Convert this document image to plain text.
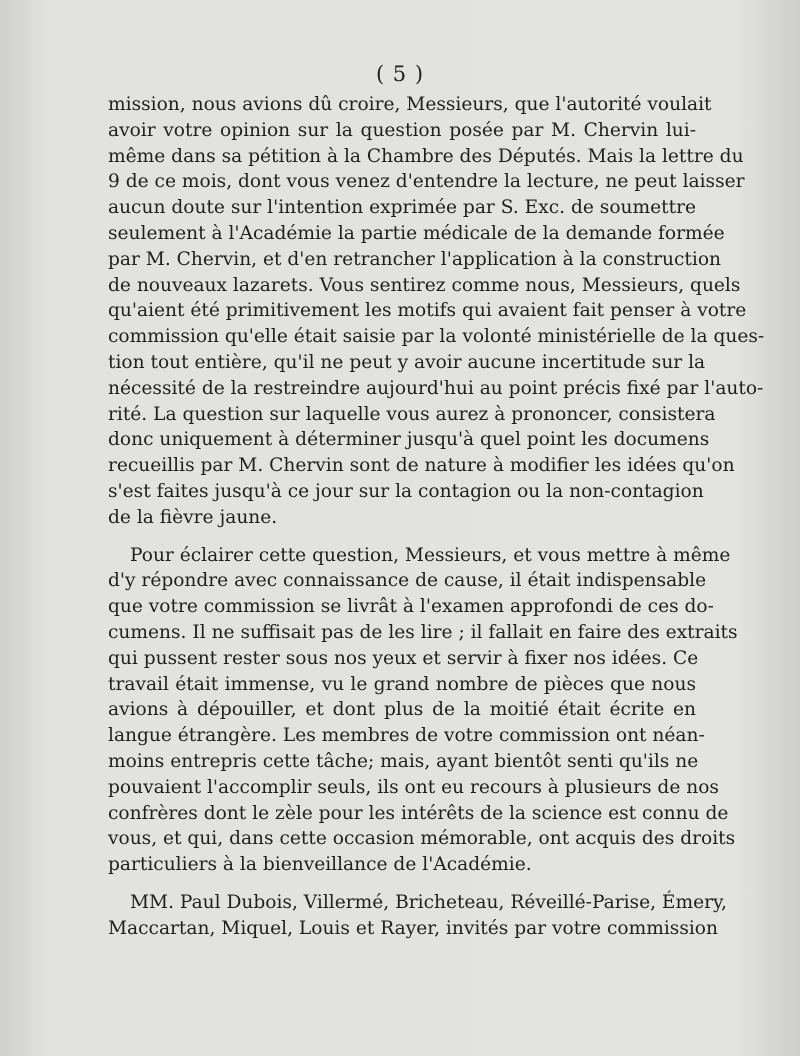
( 5 )
mission, nous avions dû croire, Messieurs, que l'autorité voulait
avoir votre opinion sur la question posée par M. Chervin lui-
même dans sa pétition à la Chambre des Députés. Mais la lettre du
9 de ce mois, dont vous venez d'entendre la lecture, ne peut laisser
aucun doute sur l'intention exprimée par S. Exc. de soumettre
seulement à l'Académie la partie médicale de la demande formée
par M. Chervin, et d'en retrancher l'application à la construction
de nouveaux lazarets. Vous sentirez comme nous, Messieurs, quels
qu'aient été primitivement les motifs qui avaient fait penser à votre
commission qu'elle était saisie par la volonté ministérielle de la ques-
tion tout entière, qu'il ne peut y avoir aucune incertitude sur la
nécessité de la restreindre aujourd'hui au point précis fixé par l'auto-
rité. La question sur laquelle vous aurez à prononcer, consistera
donc uniquement à déterminer jusqu'à quel point les documens
recueillis par M. Chervin sont de nature à modifier les idées qu'on
s'est faites jusqu'à ce jour sur la contagion ou la non-contagion
de la fièvre jaune.
Pour éclairer cette question, Messieurs, et vous mettre à même
d'y répondre avec connaissance de cause, il était indispensable
que votre commission se livrât à l'examen approfondi de ces do-
cumens. Il ne suffisait pas de les lire ; il fallait en faire des extraits
qui pussent rester sous nos yeux et servir à fixer nos idées. Ce
travail était immense, vu le grand nombre de pièces que nous
avions à dépouiller, et dont plus de la moitié était écrite en
langue étrangère. Les membres de votre commission ont néan-
moins entrepris cette tâche; mais, ayant bientôt senti qu'ils ne
pouvaient l'accomplir seuls, ils ont eu recours à plusieurs de nos
confrères dont le zèle pour les intérêts de la science est connu de
vous, et qui, dans cette occasion mémorable, ont acquis des droits
particuliers à la bienveillance de l'Académie.
MM. Paul Dubois, Villermé, Bricheteau, Réveillé-Parise, Émery,
Maccartan, Miquel, Louis et Rayer, invités par votre commission
